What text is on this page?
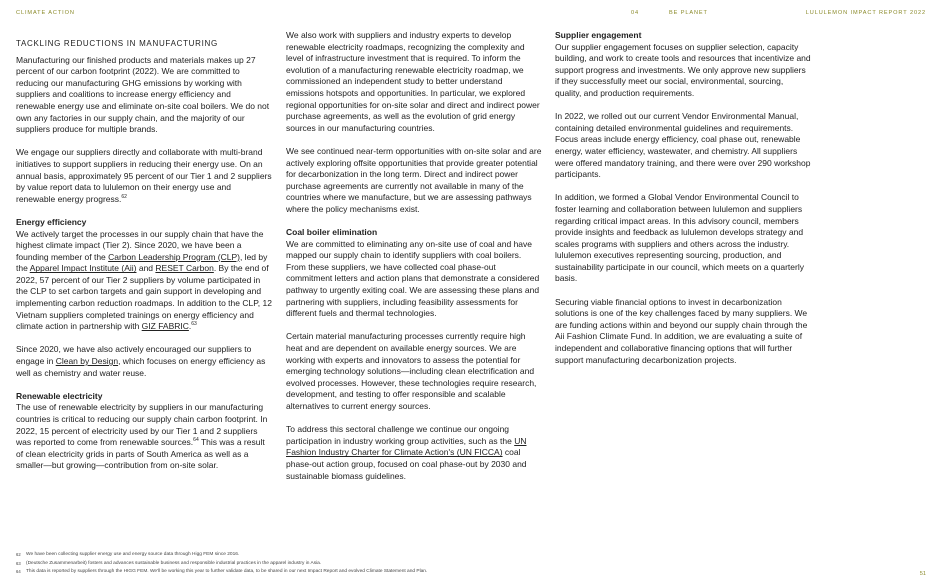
CLIMATE ACTION	04	BE PLANET	LULULEMON IMPACT REPORT 2022
TACKLING REDUCTIONS IN MANUFACTURING

Manufacturing our finished products and materials makes up 27 percent of our carbon footprint (2022). We are committed to reducing our manufacturing GHG emissions by working with suppliers and coalitions to increase energy efficiency and renewable energy use and eliminate on-site coal boilers. We do not own any factories in our supply chain, and the majority of our suppliers produce for multiple brands.

We engage our suppliers directly and collaborate with multi-brand initiatives to support suppliers in reducing their energy use. On an annual basis, approximately 95 percent of our Tier 1 and 2 suppliers by value report data to lululemon on their energy use and renewable energy progress.$^{62}$

Energy efficiency

We actively target the processes in our supply chain that have the highest climate impact (Tier 2). Since 2020, we have been a founding member of the Carbon Leadership Program (CLP), led by the Apparel Impact Institute (Aii) and RESET Carbon. By the end of 2022, 57 percent of our Tier 2 suppliers by volume participated in the CLP to set carbon targets and gain support in developing and implementing carbon reduction roadmaps. In addition to the CLP, 12 Vietnam suppliers completed trainings on energy efficiency and climate action in partnership with GIZ FABRIC.$^{63}$

Since 2020, we have also actively encouraged our suppliers to engage in Clean by Design, which focuses on energy efficiency as well as chemistry and water reuse.

Renewable electricity

The use of renewable electricity by suppliers in our manufacturing countries is critical to reducing our supply chain carbon footprint. In 2022, 15 percent of electricity used by our Tier 1 and 2 suppliers was reported to come from renewable sources.$^{64}$ This was a result of clean electricity grids in parts of South America as well as a smaller—but growing—contribution from on-site solar.

We also work with suppliers and industry experts to develop renewable electricity roadmaps, recognizing the complexity and level of infrastructure investment that is required. To inform the evolution of a manufacturing renewable electricity roadmap, we commissioned an independent study to better understand emissions hotspots and opportunities. In particular, we explored regional opportunities for on-site solar and direct and indirect power purchase agreements, as well as the evolution of grid energy sources in our manufacturing countries.

We see continued near-term opportunities with on-site solar and are actively exploring offsite opportunities that provide greater potential for decarbonization in the long term. Direct and indirect power purchase agreements are currently not available in many of the countries where we manufacture, but we are assessing pathways where the policy mechanisms exist.

Coal boiler elimination

We are committed to eliminating any on-site use of coal and have mapped our supply chain to identify suppliers with coal boilers. From these suppliers, we have collected coal phase-out commitment letters and action plans that demonstrate a considered pathway to urgently exiting coal. We are assessing these plans and partnering with suppliers, including feasibility assessments for different fuels and thermal technologies.

Certain material manufacturing processes currently require high heat and are dependent on available energy sources. We are working with experts and innovators to assess the potential for emerging technology solutions—including clean electrification and evolved processes. However, these technologies require research, development, and testing to offer responsible and scalable alternatives to current energy sources.

To address this sectoral challenge we continue our ongoing participation in industry working group activities, such as the UN Fashion Industry Charter for Climate Action's (UN FICCA) coal phase-out action group, focused on coal phase-out by 2030 and sustainable biomass guidelines.

Supplier engagement

Our supplier engagement focuses on supplier selection, capacity building, and work to create tools and resources that incentivize and support progress and investments. We only approve new suppliers if they successfully meet our social, environmental, sourcing, quality, and production requirements.

In 2022, we rolled out our current Vendor Environmental Manual, containing detailed environmental guidelines and requirements. Focus areas include energy efficiency, coal phase out, renewable energy, water efficiency, wastewater, and chemistry. All suppliers were offered mandatory training, and there were over 290 workshop participants.

In addition, we formed a Global Vendor Environmental Council to foster learning and collaboration between lululemon and suppliers regarding critical impact areas. In this advisory council, members provide insights and feedback as lululemon develops strategy and scales programs with suppliers and others across the industry. lululemon executives representing sourcing, production, and sustainability participate in our council, which meets on a quarterly basis.

Securing viable financial options to invest in decarbonization solutions is one of the key challenges faced by many suppliers. We are funding actions within and beyond our supply chain through the Aii Fashion Climate Fund. In addition, we are evaluating a suite of independent and collaborative financing options that will further support manufacturing decarbonization projects.

62 We have been collecting supplier energy use and energy source data through Higg FEM since 2016.
63 (Deutsche Zusammenarbeit) fosters and advances sustainable business and responsible industrial practices in the apparel industry in Asia.
64 This data is reported by suppliers through the HIGG FEM. We'll be working this year to further validate data, to be shared in our next Impact Report and evolved Climate Statement and Plan.	51
